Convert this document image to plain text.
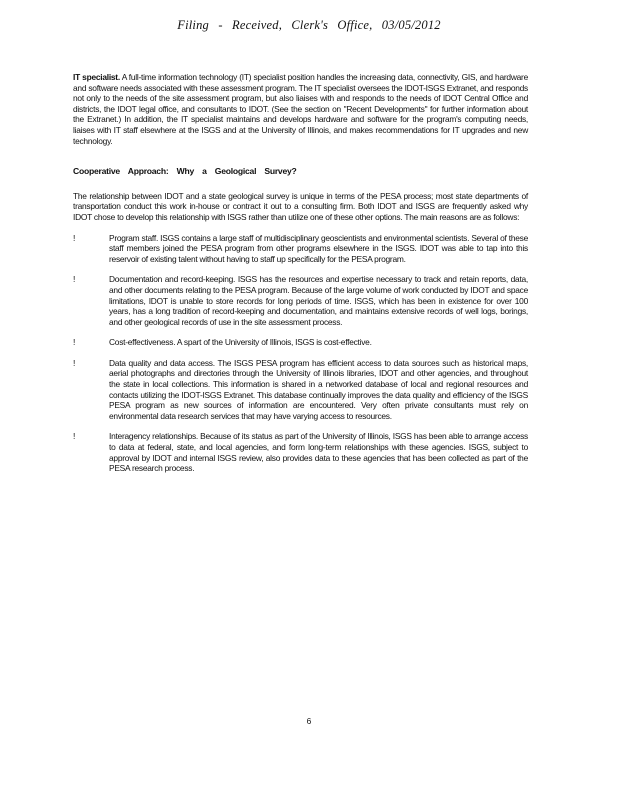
Filing - Received, Clerk's Office, 03/05/2012

IT specialist. A full-time information technology (IT) specialist position handles the increasing data, connectivity, GIS, and hardware and software needs associated with these assessment program. The IT specialist oversees the IDOT-ISGS Extranet, and responds not only to the needs of the site assessment program, but also liaises with and responds to the needs of IDOT Central Office and districts, the IDOT legal office, and consultants to IDOT. (See the section on "Recent Developments" for further information about the Extranet.) In addition, the IT specialist maintains and develops hardware and software for the program's computing needs, liaises with IT staff elsewhere at the ISGS and at the University of Illinois, and makes recommendations for IT upgrades and new technology.

Cooperative Approach: Why a Geological Survey?

The relationship between IDOT and a state geological survey is unique in terms of the PESA process; most state departments of transportation conduct this work in-house or contract it out to a consulting firm. Both IDOT and ISGS are frequently asked why IDOT chose to develop this relationship with ISGS rather than utilize one of these other options. The main reasons are as follows:

!	Program staff. ISGS contains a large staff of multidisciplinary geoscientists and environmental scientists. Several of these staff members joined the PESA program from other programs elsewhere in the ISGS. IDOT was able to tap into this reservoir of existing talent without having to staff up specifically for the PESA program.
!	Documentation and record-keeping. ISGS has the resources and expertise necessary to track and retain reports, data, and other documents relating to the PESA program. Because of the large volume of work conducted by IDOT and space limitations, IDOT is unable to store records for long periods of time. ISGS, which has been in existence for over 100 years, has a long tradition of record-keeping and documentation, and maintains extensive records of well logs, borings, and other geological records of use in the site assessment process.
!	Cost-effectiveness. A spart of the University of Illinois, ISGS is cost-effective.
!	Data quality and data access. The ISGS PESA program has efficient access to data sources such as historical maps, aerial photographs and directories through the University of Illinois libraries, IDOT and other agencies, and throughout the state in local collections. This information is shared in a networked database of local and regional resources and contacts utilizing the IDOT-ISGS Extranet. This database continually improves the data quality and efficiency of the ISGS PESA program as new sources of information are encountered. Very often private consultants must rely on environmental data research services that may have varying access to resources.
!	Interagency relationships. Because of its status as part of the University of Illinois, ISGS has been able to arrange access to data at federal, state, and local agencies, and form long-term relationships with these agencies. ISGS, subject to approval by IDOT and internal ISGS review, also provides data to these agencies that has been collected as part of the PESA research process.
6
